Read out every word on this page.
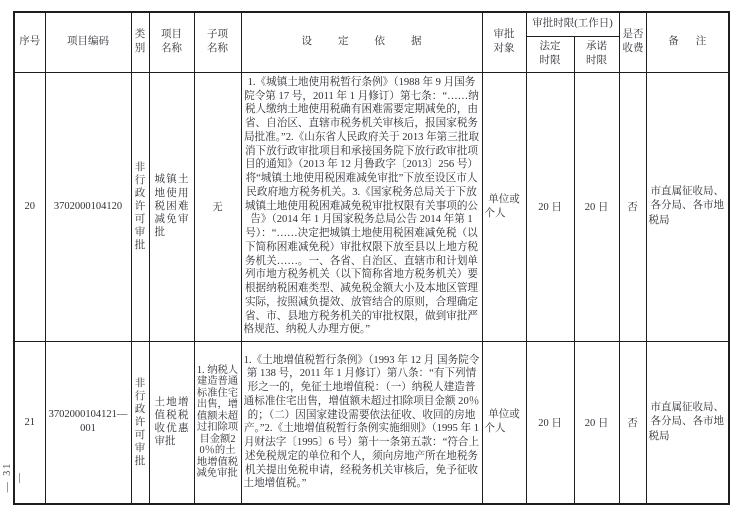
— 31 —
序号	项目编码	类别	项目名称	子项名称	设定依据	审批对象	审批时限(工作日)		是否收费	备注
							法定时限	承诺时限		
20	3702000104120	非行政许可审批	城镇土地使用税困难减免审批	无	1.《城镇土地使用税暂行条例》（1988 年 9 月国务院令第 17 号，2011 年 1 月修订）第七条：“……纳税人缴纳土地使用税确有困难需要定期减免的，由省、自治区、直辖市税务机关审核后，报国家税务局批准。”2.《山东省人民政府关于 2013 年第三批取消下放行政审批项目和承接国务院下放行政审批项目的通知》（2013 年 12 月鲁政字〔2013〕256 号）将“城镇土地使用税困难减免审批”下放至设区市人民政府地方税务机关。3.《国家税务总局关于下放城镇土地使用税困难减免税审批权限有关事项的公告》（2014 年 1 月国家税务总局公告 2014 年第 1 号）：“……决定把城镇土地使用税困难减免税（以下简称困难减免税）审批权限下放至县以上地方税务机关……。一、各省、自治区、直辖市和计划单列市地方税务机关（以下简称省地方税务机关）要根据纳税困难类型、减免税金额大小及本地区管理实际，按照减负提效、放管结合的原则，合理确定省、市、县地方税务机关的审批权限，做到审批严格规范、纳税人办理方便。”	单位或个人	20 日	20 日	否	市直属征收局、各分局、各市地税局
21	3702000104121—001	非行政许可审批	土地增值税税收优惠审批	1. 纳税人建造普通标准住宅出售，增值额未超过扣除项目金额20％的土地增值税减免审批	1.《土地增值税暂行条例》（1993 年 12 月 国务院令第 138 号，2011 年 1 月修订）第八条：“有下列情形之一的，免征土地增值税：（一）纳税人建造普通标准住宅出售，增值额未超过扣除项目金额 20％的；（二）因国家建设需要依法征收、收回的房地产。”2.《土地增值税暂行条例实施细则》（1995 年 1 月财法字〔1995〕6 号）第十一条第五款：“符合上述免税规定的单位和个人，须向房地产所在地税务机关提出免税申请，经税务机关审核后，免予征收土地增值税。”	单位或个人	20 日	20 日	否	市直属征收局、各分局、各市地税局
